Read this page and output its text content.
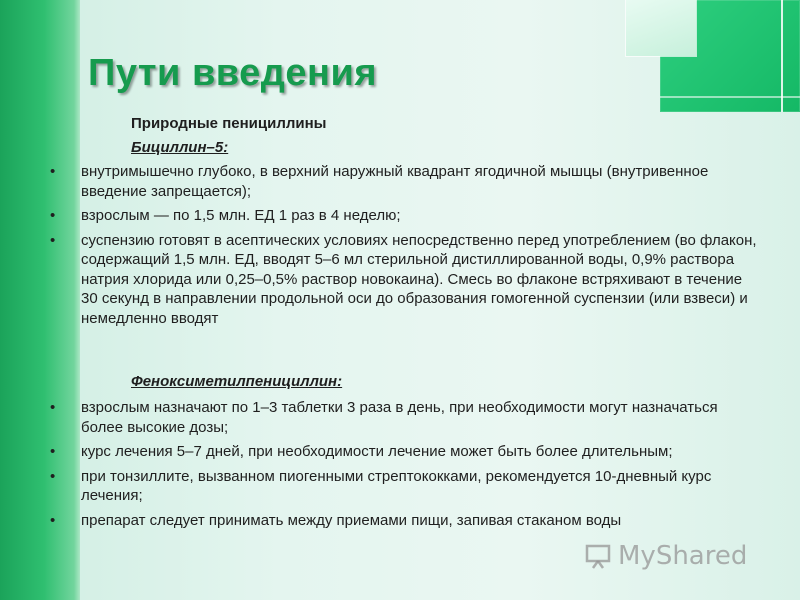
Пути введения

Природные пенициллины

Бициллин–5:

• внутримышечно глубоко, в верхний наружный квадрант ягодичной мышцы (внутривенное введение запрещается);
• взрослым — по 1,5 млн. ЕД 1 раз в 4 неделю;
• суспензию готовят в асептических условиях непосредственно перед употреблением (во флакон, содержащий 1,5 млн. ЕД, вводят 5–6 мл стерильной дистиллированной воды, 0,9% раствора натрия хлорида или 0,25–0,5% раствор новокаина). Смесь во флаконе встряхивают в течение 30 секунд в направлении продольной оси до образования гомогенной суспензии (или взвеси) и немедленно вводят

Феноксиметилпенициллин:

• взрослым назначают по 1–3 таблетки 3 раза в день, при необходимости могут назначаться более высокие дозы;
• курс лечения 5–7 дней, при необходимости лечение может быть более длительным;
• при тонзиллите, вызванном пиогенными стрептококками, рекомендуется 10-дневный курс лечения;
• препарат следует принимать между приемами пищи, запивая стаканом воды
MyShared
